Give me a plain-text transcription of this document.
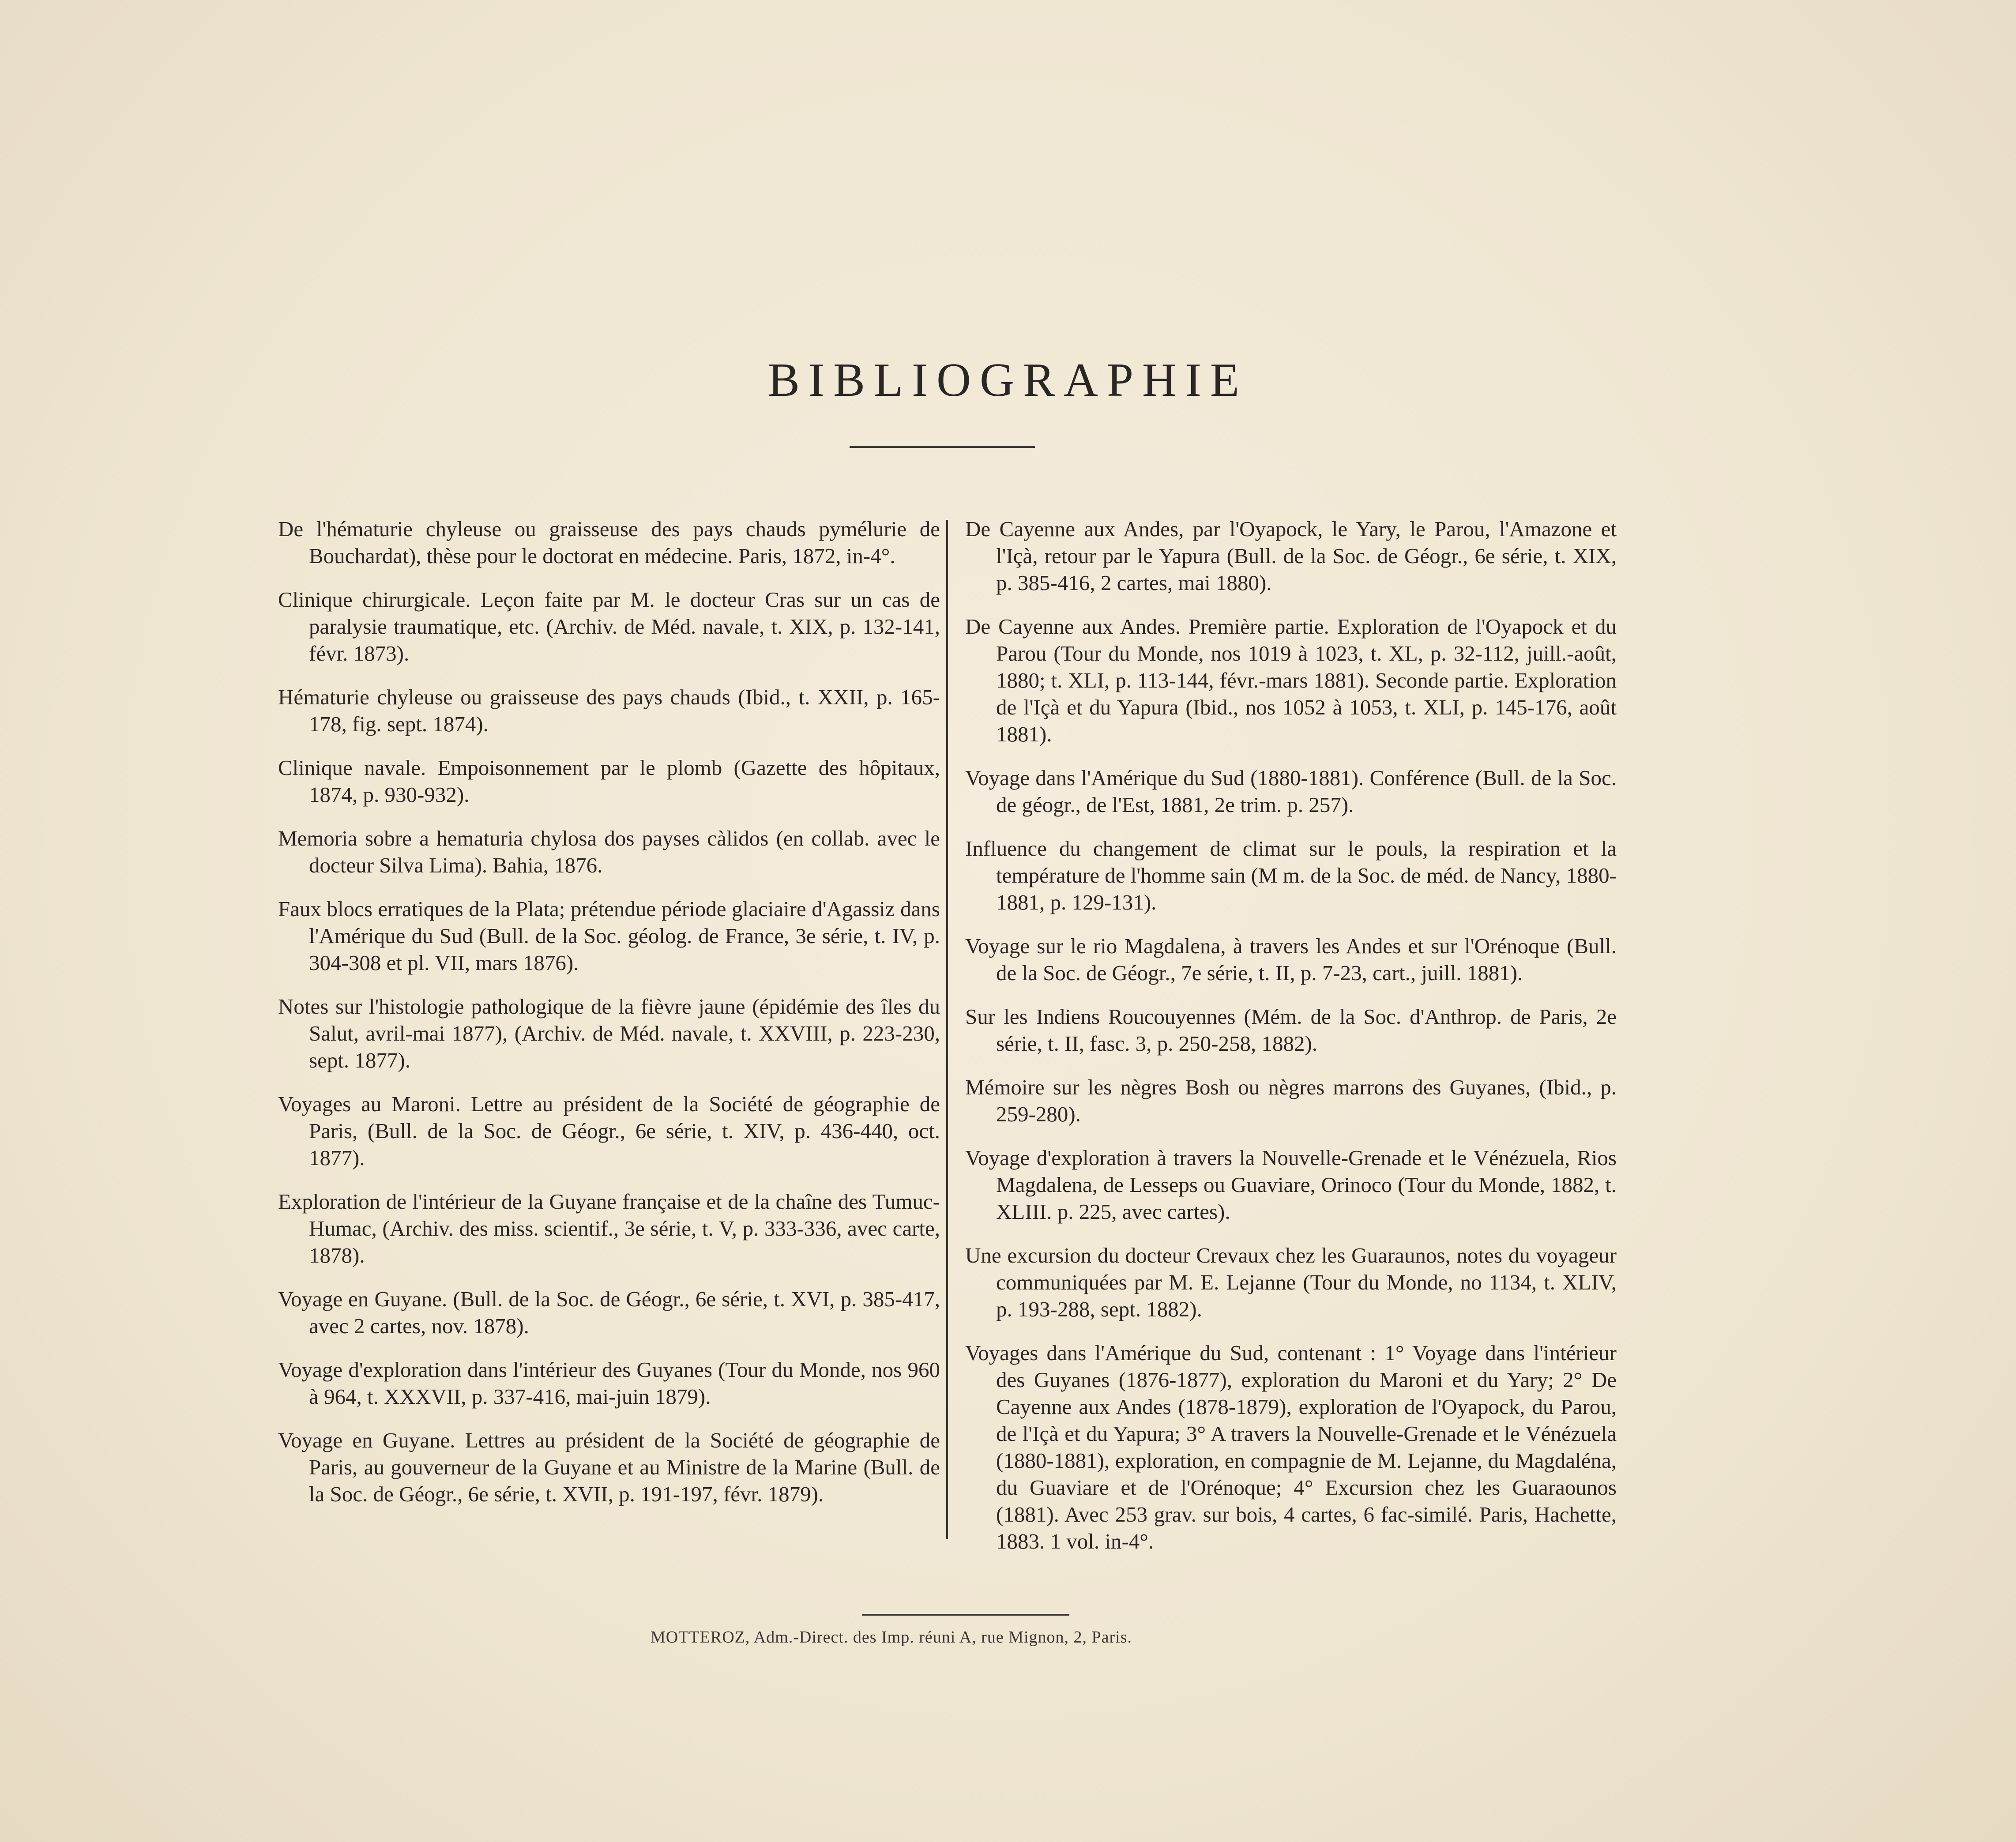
BIBLIOGRAPHIE

De l'hématurie chyleuse ou graisseuse des pays chauds pymélurie de Bouchardat), thèse pour le doctorat en médecine. Paris, 1872, in-4°.

Clinique chirurgicale. Leçon faite par M. le docteur Cras sur un cas de paralysie traumatique, etc. (Archiv. de Méd. navale, t. XIX, p. 132-141, févr. 1873).

Hématurie chyleuse ou graisseuse des pays chauds (Ibid., t. XXII, p. 165-178, fig. sept. 1874).

Clinique navale. Empoisonnement par le plomb (Gazette des hôpitaux, 1874, p. 930-932).

Memoria sobre a hematuria chylosa dos payses càlidos (en collab. avec le docteur Silva Lima). Bahia, 1876.

Faux blocs erratiques de la Plata; prétendue période glaciaire d'Agassiz dans l'Amérique du Sud (Bull. de la Soc. géolog. de France, 3e série, t. IV, p. 304-308 et pl. VII, mars 1876).

Notes sur l'histologie pathologique de la fièvre jaune (épidémie des îles du Salut, avril-mai 1877), (Archiv. de Méd. navale, t. XXVIII, p. 223-230, sept. 1877).

Voyages au Maroni. Lettre au président de la Société de géographie de Paris, (Bull. de la Soc. de Géogr., 6e série, t. XIV, p. 436-440, oct. 1877).

Exploration de l'intérieur de la Guyane française et de la chaîne des Tumuc-Humac, (Archiv. des miss. scientif., 3e série, t. V, p. 333-336, avec carte, 1878).

Voyage en Guyane. (Bull. de la Soc. de Géogr., 6e série, t. XVI, p. 385-417, avec 2 cartes, nov. 1878).

Voyage d'exploration dans l'intérieur des Guyanes (Tour du Monde, nos 960 à 964, t. XXXVII, p. 337-416, mai-juin 1879).

Voyage en Guyane. Lettres au président de la Société de géographie de Paris, au gouverneur de la Guyane et au Ministre de la Marine (Bull. de la Soc. de Géogr., 6e série, t. XVII, p. 191-197, févr. 1879).

De Cayenne aux Andes, par l'Oyapock, le Yary, le Parou, l'Amazone et l'Içà, retour par le Yapura (Bull. de la Soc. de Géogr., 6e série, t. XIX, p. 385-416, 2 cartes, mai 1880).

De Cayenne aux Andes. Première partie. Exploration de l'Oyapock et du Parou (Tour du Monde, nos 1019 à 1023, t. XL, p. 32-112, juill.-août, 1880; t. XLI, p. 113-144, févr.-mars 1881). Seconde partie. Exploration de l'Içà et du Yapura (Ibid., nos 1052 à 1053, t. XLI, p. 145-176, août 1881).

Voyage dans l'Amérique du Sud (1880-1881). Conférence (Bull. de la Soc. de géogr., de l'Est, 1881, 2e trim. p. 257).

Influence du changement de climat sur le pouls, la respiration et la température de l'homme sain (M m. de la Soc. de méd. de Nancy, 1880-1881, p. 129-131).

Voyage sur le rio Magdalena, à travers les Andes et sur l'Orénoque (Bull. de la Soc. de Géogr., 7e série, t. II, p. 7-23, cart., juill. 1881).

Sur les Indiens Roucouyennes (Mém. de la Soc. d'Anthrop. de Paris, 2e série, t. II, fasc. 3, p. 250-258, 1882).

Mémoire sur les nègres Bosh ou nègres marrons des Guyanes, (Ibid., p. 259-280).

Voyage d'exploration à travers la Nouvelle-Grenade et le Vénézuela, Rios Magdalena, de Lesseps ou Guaviare, Orinoco (Tour du Monde, 1882, t. XLIII. p. 225, avec cartes).

Une excursion du docteur Crevaux chez les Guaraunos, notes du voyageur communiquées par M. E. Lejanne (Tour du Monde, no 1134, t. XLIV, p. 193-288, sept. 1882).

Voyages dans l'Amérique du Sud, contenant : 1° Voyage dans l'intérieur des Guyanes (1876-1877), exploration du Maroni et du Yary; 2° De Cayenne aux Andes (1878-1879), exploration de l'Oyapock, du Parou, de l'Içà et du Yapura; 3° A travers la Nouvelle-Grenade et le Vénézuela (1880-1881), exploration, en compagnie de M. Lejanne, du Magdaléna, du Guaviare et de l'Orénoque; 4° Excursion chez les Guaraounos (1881). Avec 253 grav. sur bois, 4 cartes, 6 fac-similé. Paris, Hachette, 1883. 1 vol. in-4°.

MOTTEROZ, Adm.-Direct. des Imp. réuni A, rue Mignon, 2, Paris.
